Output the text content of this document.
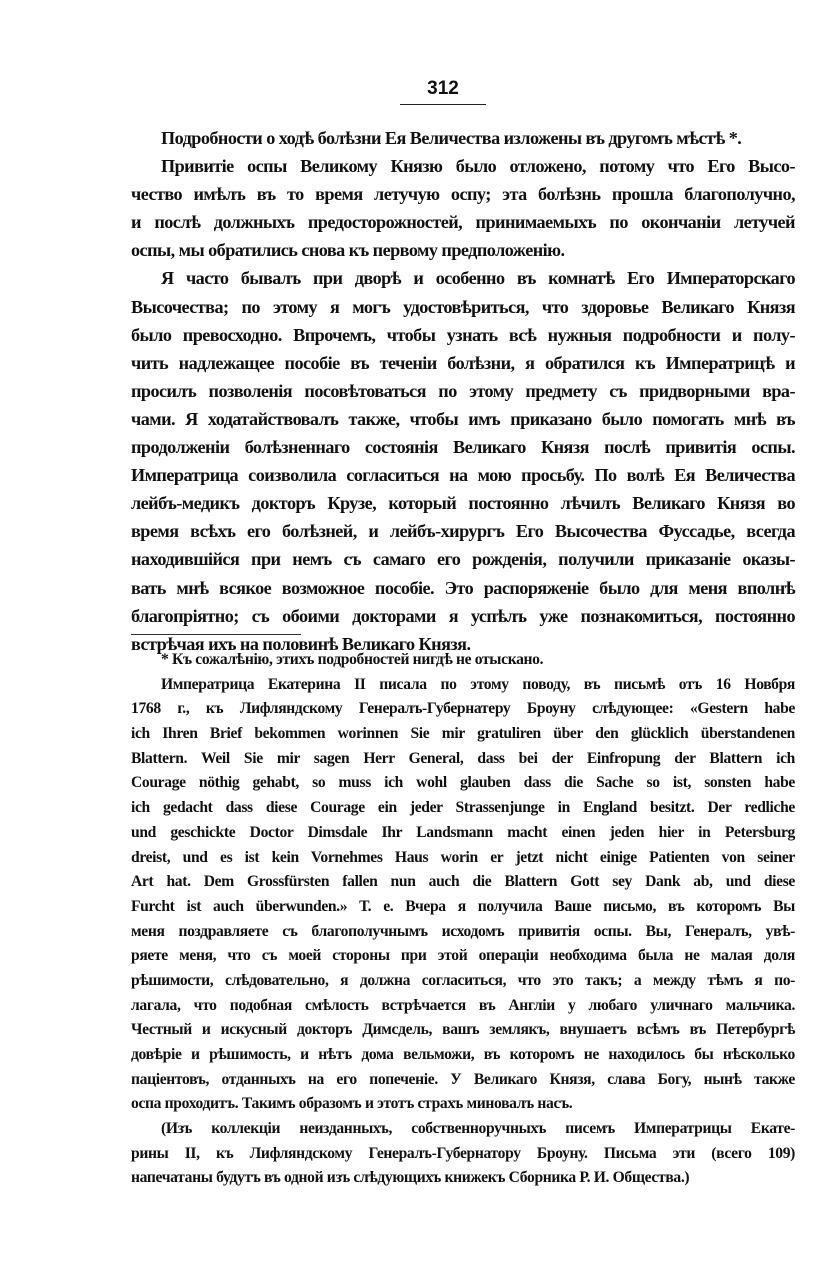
312
Подробности о ходѣ болѣзни Ея Величества изложены въ другомъ мѣстѣ *.
Привитіе оспы Великому Князю было отложено, потому что Его Высо-
чество имѣлъ въ то время летучую оспу; эта болѣзнь прошла благополучно,
и послѣ должныхъ предосторожностей, принимаемыхъ по окончаніи летучей
оспы, мы обратились снова къ первому предположенію.
Я часто бывалъ при дворѣ и особенно въ комнатѣ Его Императорскаго
Высочества; по этому я могъ удостовѣриться, что здоровье Великаго Князя
было превосходно. Впрочемъ, чтобы узнать всѣ нужныя подробности и полу-
чить надлежащее пособіе въ теченіи болѣзни, я обратился къ Императрицѣ и
просилъ позволенія посовѣтоваться по этому предмету съ придворными вра-
чами. Я ходатайствовалъ также, чтобы имъ приказано было помогать мнѣ въ
продолженіи болѣзненнаго состоянія Великаго Князя послѣ привитія оспы.
Императрица соизволила согласиться на мою просьбу. По волѣ Ея Величества
лейбъ-медикъ докторъ Крузе, который постоянно лѣчилъ Великаго Князя во
время всѣхъ его болѣзней, и лейбъ-хирургъ Его Высочества Фуссадье, всегда
находившійся при немъ съ самаго его рожденія, получили приказаніе оказы-
вать мнѣ всякое возможное пособіе. Это распоряженіе было для меня вполнѣ
благопріятно; съ обоими докторами я успѣлъ уже познакомиться, постоянно
встрѣчая ихъ на половинѣ Великаго Князя.
* Къ сожалѣнію, этихъ подробностей нигдѣ не отыскано.
Императрица Екатерина II писала по этому поводу, въ письмѣ отъ 16 Новбря
1768 г., къ Лифляндскому Генералъ-Губернатеру Броуну слѣдующее: «Gestern habe
ich Ihren Brief bekommen worinnen Sie mir gratuliren über den glücklich überstandenen
Blattern. Weil Sie mir sagen Herr General, dass bei der Einfropung der Blattern ich
Courage nöthig gehabt, so muss ich wohl glauben dass die Sache so ist, sonsten habe
ich gedacht dass diese Courage ein jeder Strassenjunge in England besitzt. Der redliche
und geschickte Doctor Dimsdale Ihr Landsmann macht einen jeden hier in Petersburg
dreist, und es ist kein Vornehmes Haus worin er jetzt nicht einige Patienten von seiner
Art hat. Dem Grossfürsten fallen nun auch die Blattern Gott sey Dank ab, und diese
Furcht ist auch überwunden.» Т. е. Вчера я получила Ваше письмо, въ которомъ Вы
меня поздравляете съ благополучнымъ исходомъ привитія оспы. Вы, Генералъ, увѣ-
ряете меня, что съ моей стороны при этой операціи необходима была не малая доля
рѣшимости, слѣдовательно, я должна согласиться, что это такъ; а между тѣмъ я по-
лагала, что подобная смѣлость встрѣчается въ Англіи у любаго уличнаго мальчика.
Честный и искусный докторъ Димсдель, вашъ землякъ, внушаетъ всѣмъ въ Петербургѣ
довѣріе и рѣшимость, и нѣтъ дома вельможи, въ которомъ не находилось бы нѣсколько
паціентовъ, отданныхъ на его попеченіе. У Великаго Князя, слава Богу, нынѣ также
оспа проходитъ. Такимъ образомъ и этотъ страхъ миновалъ насъ.
(Изъ коллекціи неизданныхъ, собственноручныхъ писемъ Императрицы Екате-
рины II, къ Лифляндскому Генералъ-Губернатору Броуну. Письма эти (всего 109)
напечатаны будутъ въ одной изъ слѣдующихъ книжекъ Сборника Р. И. Общества.)
